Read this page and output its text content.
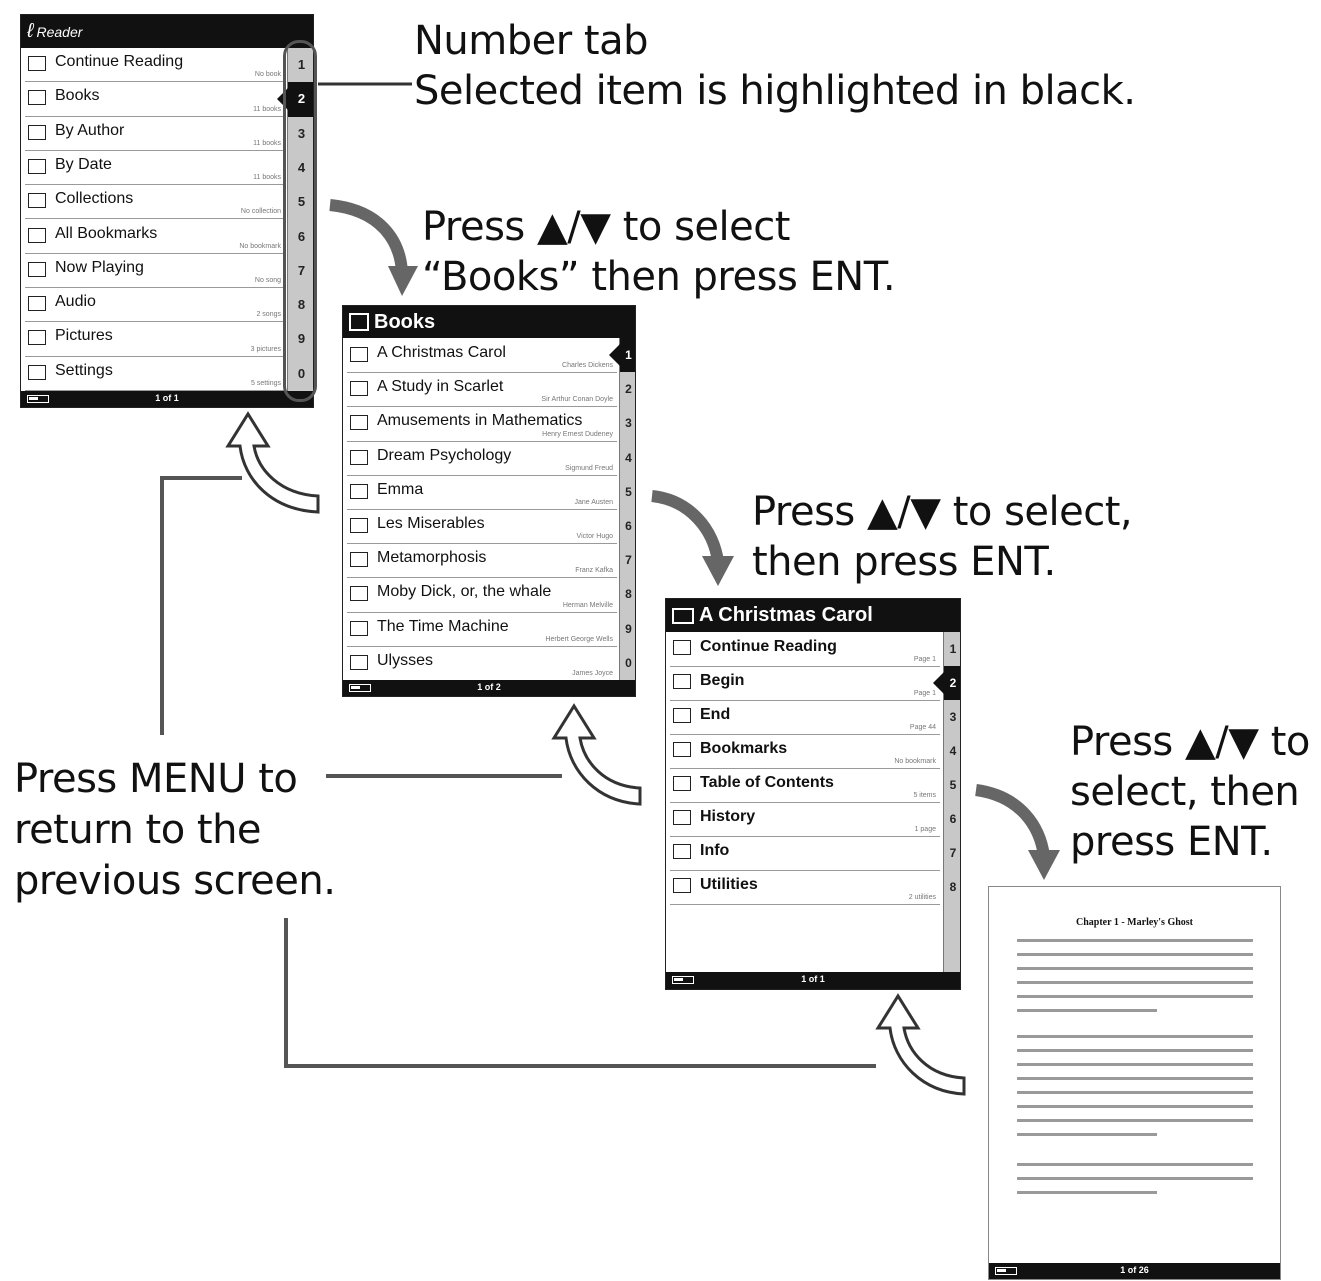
ℓ Reader
Continue Reading
No book
Books
11 books
By Author
11 books
By Date
11 books
Collections
No collection
All Bookmarks
No bookmark
Now Playing
No song
Audio
2 songs
Pictures
3 pictures
Settings
5 settings
1
2
3
4
5
6
7
8
9
0
1 of 1
Books
A Christmas Carol
Charles Dickens
A Study in Scarlet
Sir Arthur Conan Doyle
Amusements in Mathematics
Henry Ernest Dudeney
Dream Psychology
Sigmund Freud
Emma
Jane Austen
Les Miserables
Victor Hugo
Metamorphosis
Franz Kafka
Moby Dick, or, the whale
Herman Melville
The Time Machine
Herbert George Wells
Ulysses
James Joyce
1
2
3
4
5
6
7
8
9
0
1 of 2
A Christmas Carol
Continue Reading
Page 1
Begin
Page 1
End
Page 44
Bookmarks
No bookmark
Table of Contents
5 items
History
1 page
Info
Utilities
2 utilities
1
2
3
4
5
6
7
8
1 of 1
Chapter 1 - Marley's Ghost
1 of 26
Number tab
Selected item is highlighted in black.
Press ▲/▼ to select
“Books” then press ENT.
Press ▲/▼ to select,
then press ENT.
Press ▲/▼ to
select, then
press ENT.
Press MENU to
return to the
previous screen.
